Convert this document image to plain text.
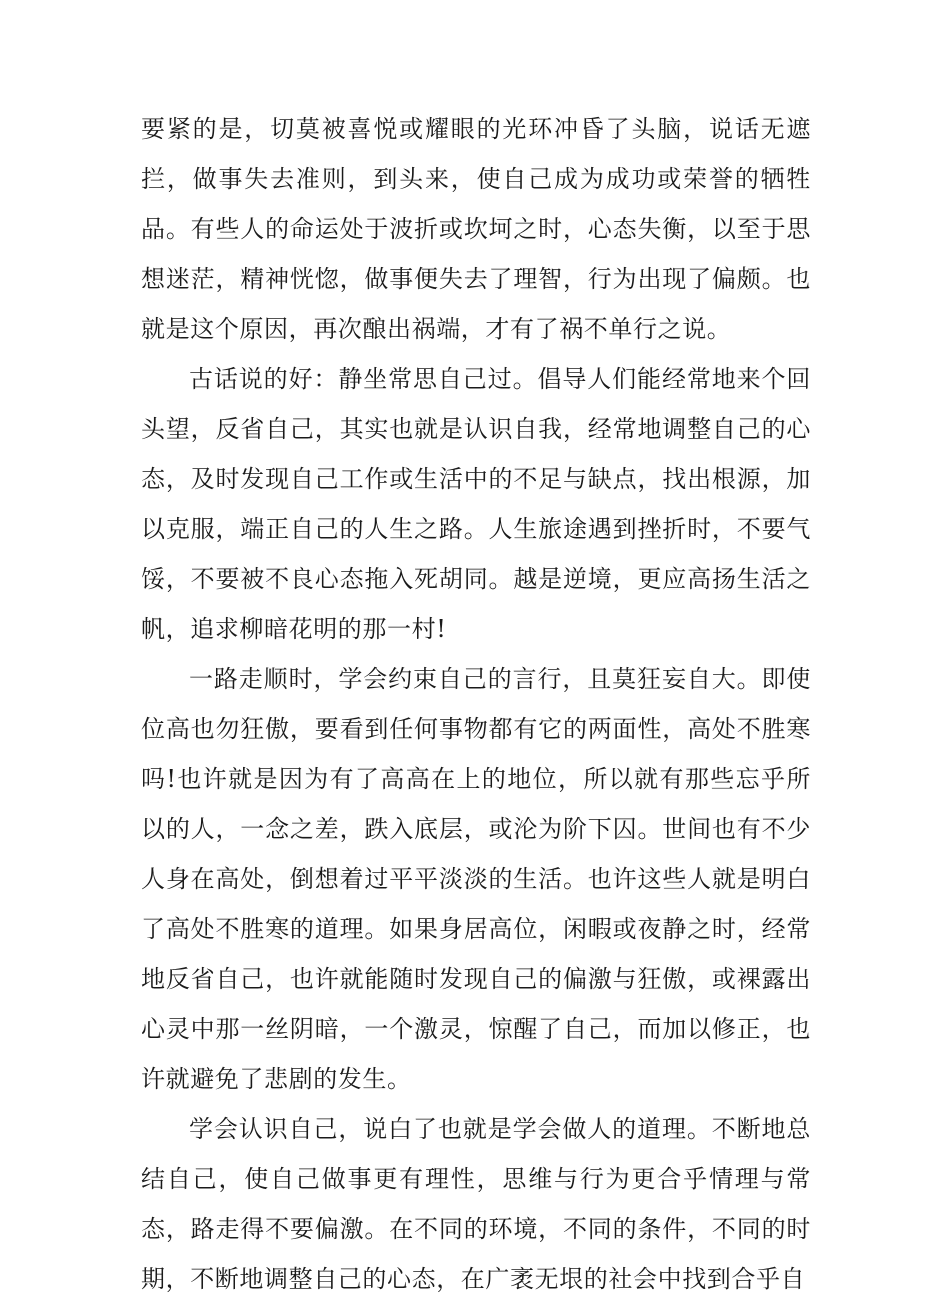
要紧的是，切莫被喜悦或耀眼的光环冲昏了头脑，说话无遮拦，做事失去准则，到头来，使自己成为成功或荣誉的牺牲品。有些人的命运处于波折或坎坷之时，心态失衡，以至于思想迷茫，精神恍惚，做事便失去了理智，行为出现了偏颇。也就是这个原因，再次酿出祸端，才有了祸不单行之说。

古话说的好：静坐常思自己过。倡导人们能经常地来个回头望，反省自己，其实也就是认识自我，经常地调整自己的心态，及时发现自己工作或生活中的不足与缺点，找出根源，加以克服，端正自己的人生之路。人生旅途遇到挫折时，不要气馁，不要被不良心态拖入死胡同。越是逆境，更应高扬生活之帆，追求柳暗花明的那一村!

一路走顺时，学会约束自己的言行，且莫狂妄自大。即使位高也勿狂傲，要看到任何事物都有它的两面性，高处不胜寒吗!也许就是因为有了高高在上的地位，所以就有那些忘乎所以的人，一念之差，跌入底层，或沦为阶下囚。世间也有不少人身在高处，倒想着过平平淡淡的生活。也许这些人就是明白了高处不胜寒的道理。如果身居高位，闲暇或夜静之时，经常地反省自己，也许就能随时发现自己的偏激与狂傲，或裸露出心灵中那一丝阴暗，一个激灵，惊醒了自己，而加以修正，也许就避免了悲剧的发生。

学会认识自己，说白了也就是学会做人的道理。不断地总结自己，使自己做事更有理性，思维与行为更合乎情理与常态，路走得不要偏激。在不同的环境，不同的条件，不同的时期，不断地调整自己的心态，在广袤无垠的社会中找到合乎自
